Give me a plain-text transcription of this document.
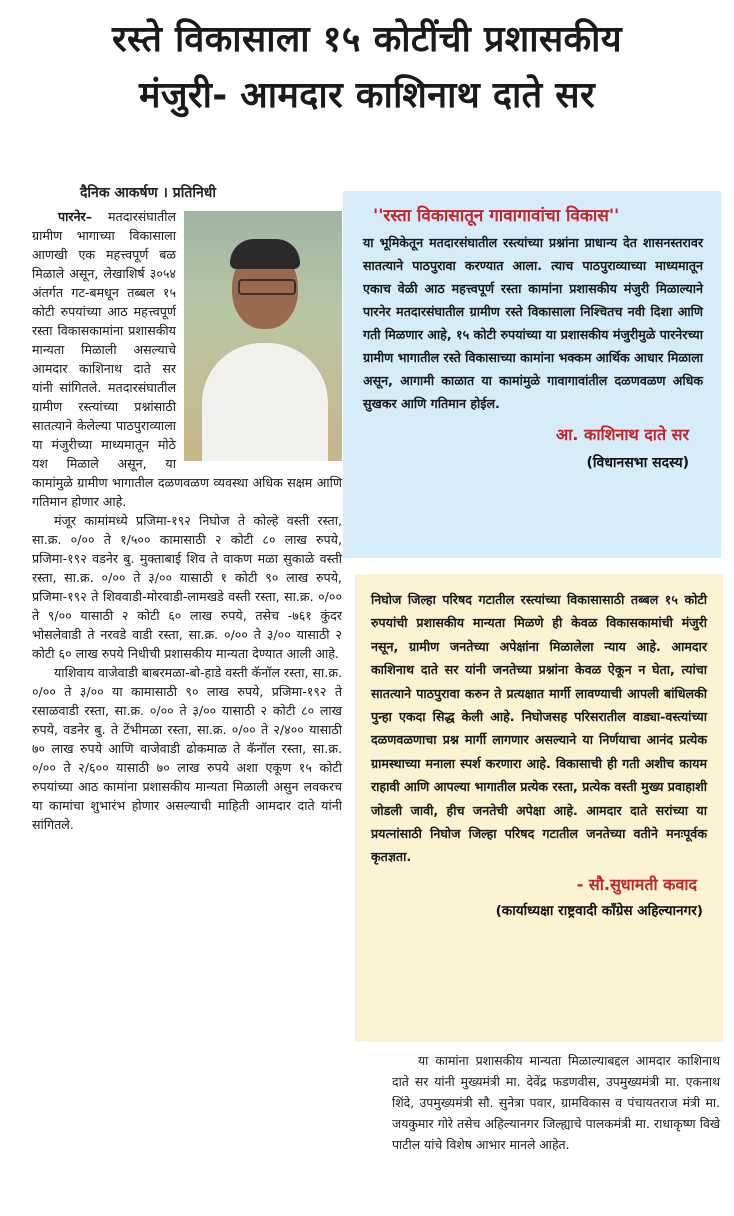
रस्ते विकासाला १५ कोटींची प्रशासकीय
मंजुरी- आमदार काशिनाथ दाते सर
दैनिक आकर्षण । प्रतिनिधी

पारनेर– मतदारसंघातील ग्रामीण भागाच्या विकासाला आणखी एक महत्त्वपूर्ण बळ मिळाले असून, लेखाशिर्ष ३०५४ अंतर्गत गट-बमधून तब्बल १५ कोटी रुपयांच्या आठ महत्त्वपूर्ण रस्ता विकासकामांना प्रशासकीय मान्यता मिळाली असल्याचे आमदार काशिनाथ दाते सर यांनी सांगितले. मतदारसंघातील ग्रामीण रस्त्यांच्या प्रश्नांसाठी सातत्याने केलेल्या पाठपुराव्याला या मंजुरीच्या माध्यमातून मोठे यश मिळाले असून, या कामांमुळे ग्रामीण भागातील दळणवळण व्यवस्था अधिक सक्षम आणि गतिमान होणार आहे.

मंजूर कामांमध्ये प्रजिमा-१९२ निघोज ते कोल्हे वस्ती रस्ता, सा.क्र. ०/०० ते १/५०० कामासाठी २ कोटी ८० लाख रुपये, प्रजिमा-१९२ वडनेर बु. मुक्ताबाई शिव ते वाकण मळा सुकाळे वस्ती रस्ता, सा.क्र. ०/०० ते ३/०० यासाठी १ कोटी ९० लाख रुपये, प्रजिमा-१९२ ते शिववाडी-मोरवाडी-लामखडे वस्ती रस्ता, सा.क्र. ०/०० ते ९/०० यासाठी २ कोटी ६० लाख रुपये, तसेच -७६१ कुंदर भोसलेवाडी ते नरवडे वाडी रस्ता, सा.क्र. ०/०० ते ३/०० यासाठी २ कोटी ६० लाख रुपये निधीची प्रशासकीय मान्यता देण्यात आली आहे.

याशिवाय वाजेवाडी बाबरमळा-बो-हाडे वस्ती कॅनॉल रस्ता, सा.क्र. ०/०० ते ३/०० या कामासाठी ९० लाख रुपये, प्रजिमा-१९२ ते रसाळवाडी रस्ता, सा.क्र. ०/०० ते ३/०० यासाठी २ कोटी ८० लाख रुपये, वडनेर बु. ते टेंभीमळा रस्ता, सा.क्र. ०/०० ते २/४०० यासाठी ७० लाख रुपये आणि वाजेवाडी ढोकमाळ ते कॅनॉल रस्ता, सा.क्र. ०/०० ते २/६०० यासाठी ७० लाख रुपये अशा एकूण १५ कोटी रुपयांच्या आठ कामांना प्रशासकीय मान्यता मिळाली असुन लवकरच या कामांचा शुभारंभ होणार असल्याची माहिती आमदार दाते यांनी सांगितले.

''रस्ता विकासातून गावागावांचा विकास''
या भूमिकेतून मतदारसंघातील रस्त्यांच्या प्रश्नांना प्राधान्य देत शासनस्तरावर सातत्याने पाठपुरावा करण्यात आला. त्याच पाठपुराव्याच्या माध्यमातून एकाच वेळी आठ महत्त्वपूर्ण रस्ता कामांना प्रशासकीय मंजुरी मिळाल्याने पारनेर मतदारसंघातील ग्रामीण रस्ते विकासाला निश्चितच नवी दिशा आणि गती मिळणार आहे, १५ कोटी रुपयांच्या या प्रशासकीय मंजुरीमुळे पारनेरच्या ग्रामीण भागातील रस्ते विकासाच्या कामांना भक्कम आर्थिक आधार मिळाला असून, आगामी काळात या कामांमुळे गावागावांतील दळणवळण अधिक सुखकर आणि गतिमान होईल.
आ. काशिनाथ दाते सर
(विधानसभा सदस्य)
निघोज जिल्हा परिषद गटातील रस्त्यांच्या विकासासाठी तब्बल १५ कोटी रुपयांची प्रशासकीय मान्यता मिळणे ही केवळ विकासकामांची मंजुरी नसून, ग्रामीण जनतेच्या अपेक्षांना मिळालेला न्याय आहे. आमदार काशिनाथ दाते सर यांनी जनतेच्या प्रश्नांना केवळ ऐकून न घेता, त्यांचा सातत्याने पाठपुरावा करुन ते प्रत्यक्षात मार्गी लावण्याची आपली बांधिलकी पुन्हा एकदा सिद्ध केली आहे. निघोजसह परिसरातील वाड्या-वस्त्यांच्या दळणवळणाचा प्रश्न मार्गी लागणार असल्याने या निर्णयाचा आनंद प्रत्येक ग्रामस्थाच्या मनाला स्पर्श करणारा आहे. विकासाची ही गती अशीच कायम राहावी आणि आपल्या भागातील प्रत्येक रस्ता, प्रत्येक वस्ती मुख्य प्रवाहाशी जोडली जावी, हीच जनतेची अपेक्षा आहे. आमदार दाते सरांच्या या प्रयत्नांसाठी निघोज जिल्हा परिषद गटातील जनतेच्या वतीने मनःपूर्वक कृतज्ञता.
- सौ.सुधामती कवाद
(कार्याध्यक्षा राष्ट्रवादी काँग्रेस अहिल्यानगर)

या कामांना प्रशासकीय मान्यता मिळाल्याबद्दल आमदार काशिनाथ दाते सर यांनी मुख्यमंत्री मा. देवेंद्र फडणवीस, उपमुख्यमंत्री मा. एकनाथ शिंदे, उपमुख्यमंत्री सौ. सुनेत्रा पवार, ग्रामविकास व पंचायतराज मंत्री मा. जयकुमार गोरे तसेच अहिल्यानगर जिल्ह्याचे पालकमंत्री मा. राधाकृष्ण विखे पाटील यांचे विशेष आभार मानले आहेत.
